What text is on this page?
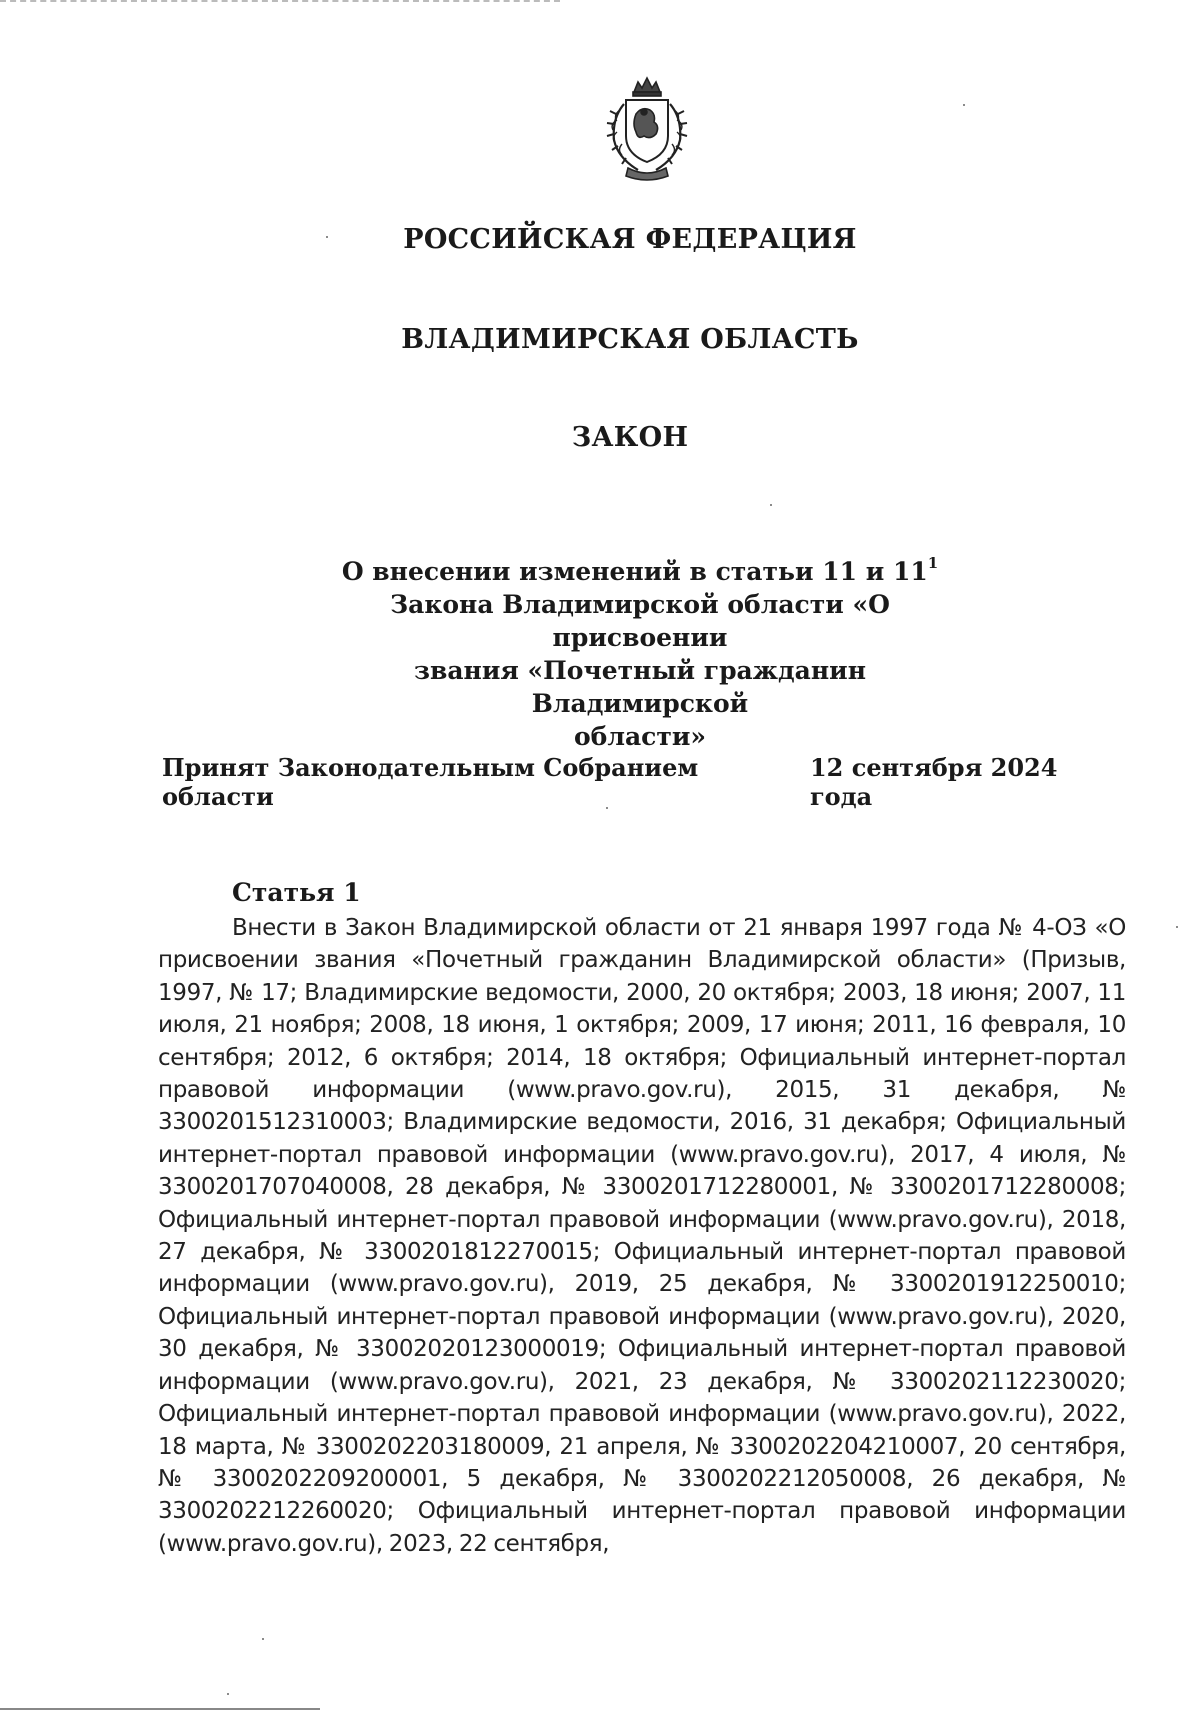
РОССИЙСКАЯ ФЕДЕРАЦИЯ
ВЛАДИМИРСКАЯ ОБЛАСТЬ
ЗАКОН
О внесении изменений в статьи 11 и $11^1$
Закона Владимирской области «О присвоении
звания «Почетный гражданин Владимирской
области»
Принят Законодательным Собранием области
12 сентября 2024 года
Статья 1
Внести в Закон Владимирской области от 21 января 1997 года № 4-ОЗ «О присвоении звания «Почетный гражданин Владимирской области» (Призыв, 1997, № 17; Владимирские ведомости, 2000, 20 октября; 2003, 18 июня; 2007, 11 июля, 21 ноября; 2008, 18 июня, 1 октября; 2009, 17 июня; 2011, 16 февраля, 10 сентября; 2012, 6 октября; 2014, 18 октября; Официальный интернет-портал правовой информации (www.pravo.gov.ru), 2015, 31 декабря, № 3300201512310003; Владимирские ведомости, 2016, 31 декабря; Официальный интернет-портал правовой информации (www.pravo.gov.ru), 2017, 4 июля, № 3300201707040008, 28 декабря, № 3300201712280001, № 3300201712280008; Официальный интернет-портал правовой информации (www.pravo.gov.ru), 2018, 27 декабря, № 3300201812270015; Официальный интернет-портал правовой информации (www.pravo.gov.ru), 2019, 25 декабря, № 3300201912250010; Официальный интернет-портал правовой информации (www.pravo.gov.ru), 2020, 30 декабря, № 33002020123000019; Официальный интернет-портал правовой информации (www.pravo.gov.ru), 2021, 23 декабря, № 3300202112230020; Официальный интернет-портал правовой информации (www.pravo.gov.ru), 2022, 18 марта, № 3300202203180009, 21 апреля, № 3300202204210007, 20 сентября, № 3300202209200001, 5 декабря, № 3300202212050008, 26 декабря, № 3300202212260020; Официальный интернет-портал правовой информации (www.pravo.gov.ru), 2023, 22 сентября,
